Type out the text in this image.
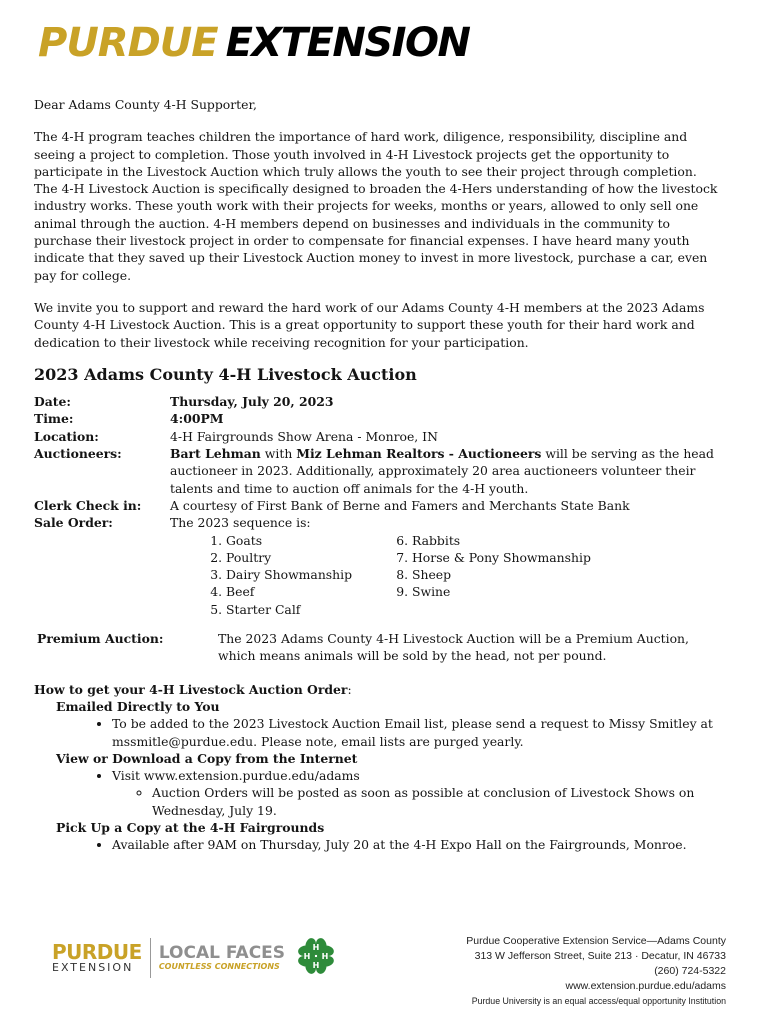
PURDUE EXTENSION

Dear Adams County 4-H Supporter,

The 4-H program teaches children the importance of hard work, diligence, responsibility, discipline and seeing a project to completion. Those youth involved in 4-H Livestock projects get the opportunity to participate in the Livestock Auction which truly allows the youth to see their project through completion. The 4-H Livestock Auction is specifically designed to broaden the 4-Hers understanding of how the livestock industry works. These youth work with their projects for weeks, months or years, allowed to only sell one animal through the auction. 4-H members depend on businesses and individuals in the community to purchase their livestock project in order to compensate for financial expenses. I have heard many youth indicate that they saved up their Livestock Auction money to invest in more livestock, purchase a car, even pay for college.

We invite you to support and reward the hard work of our Adams County 4-H members at the 2023 Adams County 4-H Livestock Auction. This is a great opportunity to support these youth for their hard work and dedication to their livestock while receiving recognition for your participation.

2023 Adams County 4-H Livestock Auction
Date:	Thursday, July 20, 2023
Time:	4:00PM
Location:	4-H Fairgrounds Show Arena - Monroe, IN
Auctioneers:	Bart Lehman with Miz Lehman Realtors - Auctioneers will be serving as the head auctioneer in 2023. Additionally, approximately 20 area auctioneers volunteer their talents and time to auction off animals for the 4-H youth.
Clerk Check in:	A courtesy of First Bank of Berne and Famers and Merchants State Bank
Sale Order:	The 2023 sequence is:
1. Goats
2. Poultry
3. Dairy Showmanship
4. Beef
5. Starter Calf
6. Rabbits
7. Horse & Pony Showmanship
8. Sheep
9. Swine
Premium Auction:	The 2023 Adams County 4-H Livestock Auction will be a Premium Auction, which means animals will be sold by the head, not per pound.
How to get your 4-H Livestock Auction Order:
Emailed Directly to You
• To be added to the 2023 Livestock Auction Email list, please send a request to Missy Smitley at mssmitle@purdue.edu. Please note, email lists are purged yearly.
View or Download a Copy from the Internet
• Visit www.extension.purdue.edu/adams
◦ Auction Orders will be posted as soon as possible at conclusion of Livestock Shows on Wednesday, July 19.
Pick Up a Copy at the 4-H Fairgrounds
• Available after 9AM on Thursday, July 20 at the 4-H Expo Hall on the Fairgrounds, Monroe.
PURDUE
EXTENSION
LOCAL FACES
COUNTLESS CONNECTIONS
H
H
H H
Purdue Cooperative Extension Service—Adams County
313 W Jefferson Street, Suite 213 · Decatur, IN 46733
(260) 724-5322
www.extension.purdue.edu/adams
Purdue University is an equal access/equal opportunity Institution
